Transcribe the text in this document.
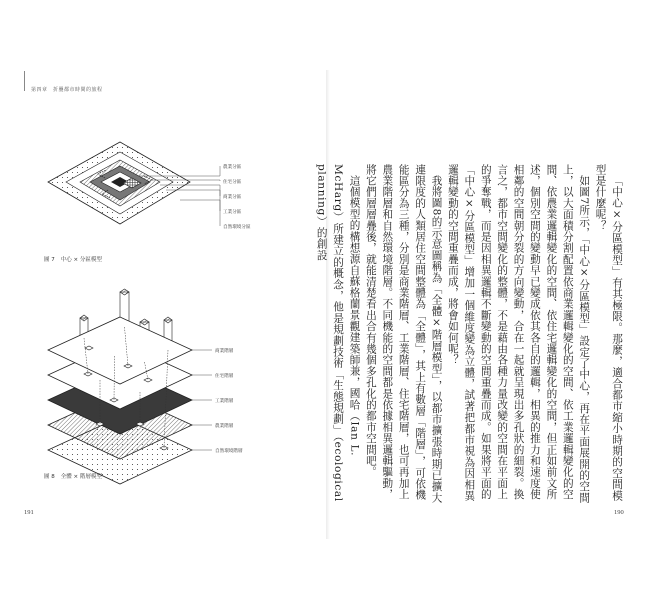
第四章　折疊都市時間的旅程
農業分區
住宅分區
商業分區
工業分區
自然環境分區
圖 7 中心 × 分區模型
商業階層
住宅階層
工業階層
農業階層
自然環境階層
圖 8 全體 × 階層模型	「中心×分區模型」有其極限。那麼，適合都市縮小時期的空間模型是什麼呢？

如圖7所示，「中心×分區模型」設定了中心，再在平面展開的空間上，以大面積分割配置依商業邏輯變化的空間、依工業邏輯變化的空間、依農業邏輯變化的空間、依住宅邏輯變化的空間，但正如前文所述，個別空間的變動早已變成依其各自的邏輯，相異的推力和速度使相鄰的空間朝分裂的方向變動，合在一起就呈現出多孔狀的細裂。換言之，都市空間變化的整體，不是藉由各種力量改變的空間在平面上的爭奪戰，而是因相異邏輯不斷變動的空間重疊而成。如果將平面的「中心×分區模型」增加一個維度變為立體，試著把都市視為因相異邏輯變動的空間重疊而成，將會如何呢？

我將圖8的示意圖稱為「全體×階層模型」，以都市擴張時期已擴大連限度的人類居住空間整體為「全體」，其上有數層「階層」，可依機能區分為三種，分別是商業階層、工業階層、住宅階層，也可再加上農業階層和自然環境階層。不同機能的空間都是依據相異邏輯驅動，將它們層層疊後，就能清楚看出合有幾個多孔化的都市空間吧。

這個模型的構想源自蘇格蘭景觀建築師兼，國哈（Ian L. McHarg）所建立的概念，他是規劃技術「生態規劃」（ecological planning）的創設

191	190
